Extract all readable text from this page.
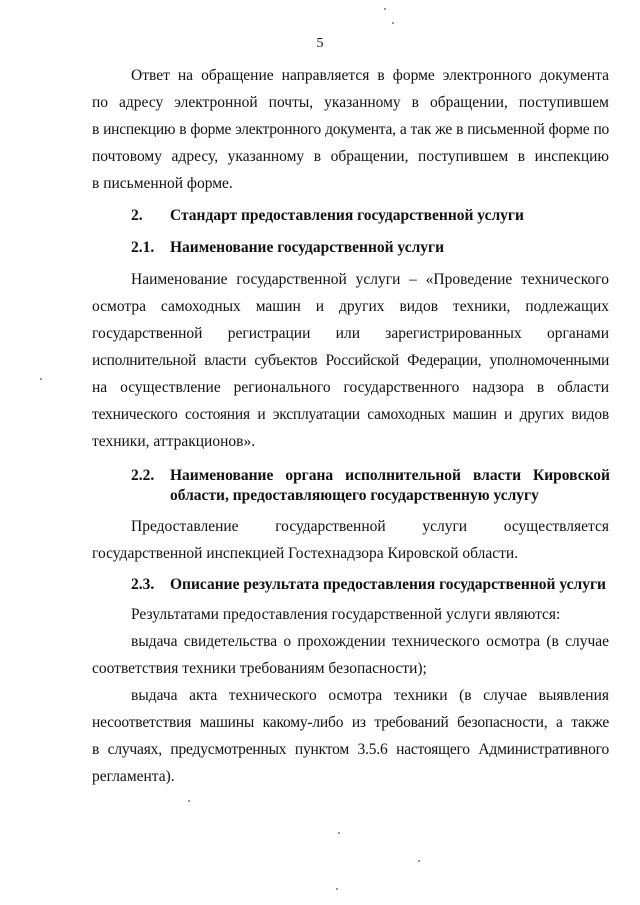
5
Ответ на обращение направляется в форме электронного документа
по адресу электронной почты, указанному в обращении, поступившем
в инспекцию в форме электронного документа, а так же в письменной форме по
почтовому адресу, указанному в обращении, поступившем в инспекцию
в письменной форме.
2. Стандарт предоставления государственной услуги
2.1. Наименование государственной услуги
Наименование государственной услуги – «Проведение технического
осмотра самоходных машин и других видов техники, подлежащих
государственной регистрации или зарегистрированных органами
исполнительной власти субъектов Российской Федерации, уполномоченными
на осуществление регионального государственного надзора в области
технического состояния и эксплуатации самоходных машин и других видов
техники, аттракционов».
2.2. Наименование органа исполнительной власти Кировской
области, предоставляющего государственную услугу
Предоставление государственной услуги осуществляется
государственной инспекцией Гостехнадзора Кировской области.
2.3. Описание результата предоставления государственной услуги
Результатами предоставления государственной услуги являются:
выдача свидетельства о прохождении технического осмотра (в случае
соответствия техники требованиям безопасности);
выдача акта технического осмотра техники (в случае выявления
несоответствия машины какому-либо из требований безопасности, а также
в случаях, предусмотренных пунктом 3.5.6 настоящего Административного
регламента).
